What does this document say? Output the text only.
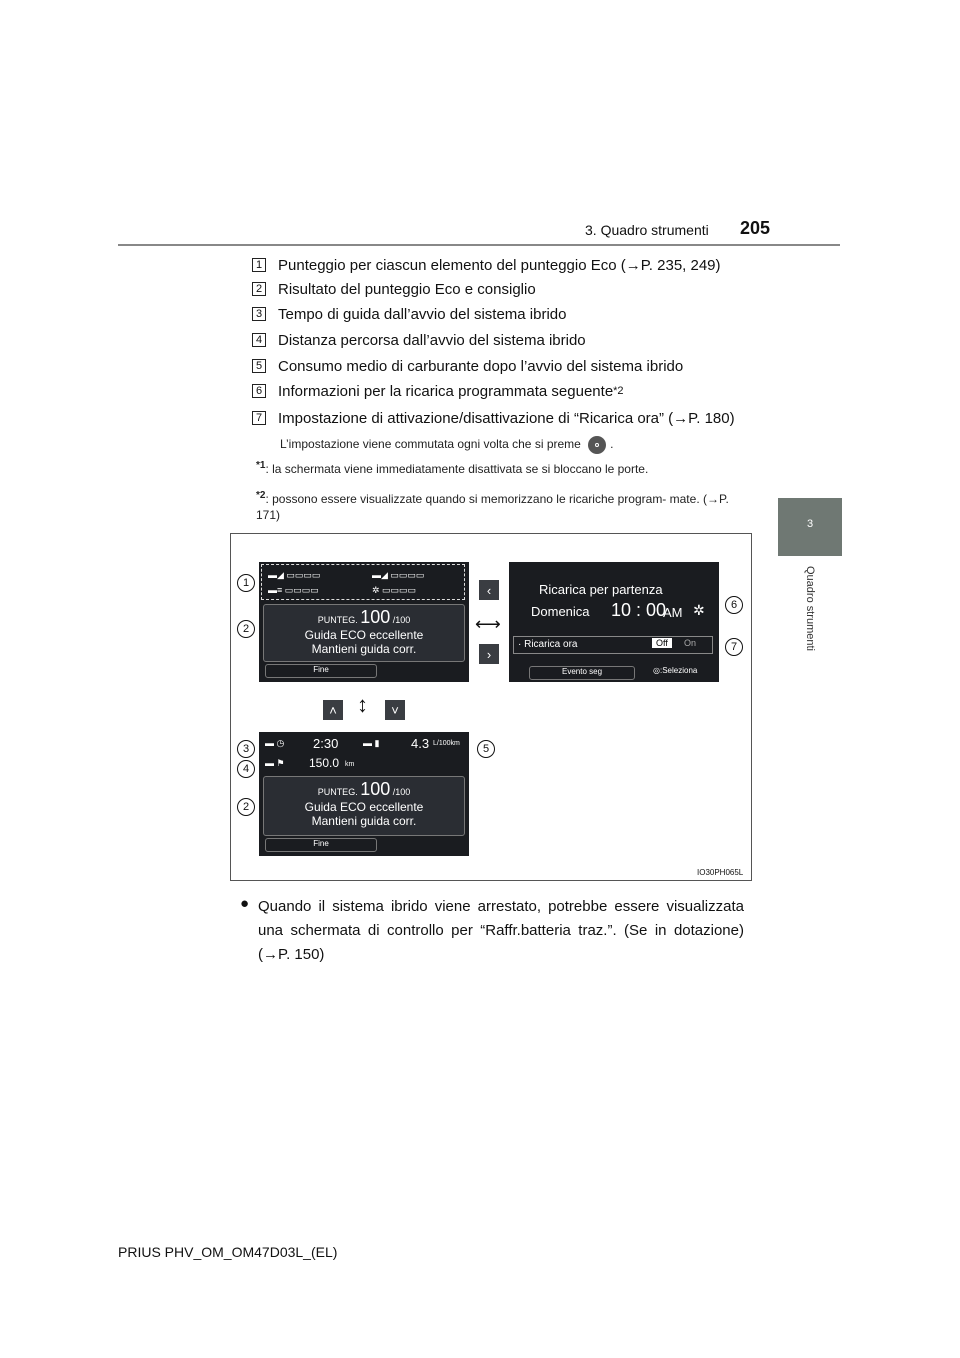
3. Quadro strumenti 205
3
Quadro strumenti
1 Punteggio per ciascun elemento del punteggio Eco (→P. 235, 249)
2 Risultato del punteggio Eco e consiglio
3 Tempo di guida dall’avvio del sistema ibrido
4 Distanza percorsa dall’avvio del sistema ibrido
5 Consumo medio di carburante dopo l’avvio del sistema ibrido
6 Informazioni per la ricarica programmata seguente *2
7 Impostazione di attivazione/disattivazione di “Ricarica ora” (→P. 180)
L’impostazione viene commutata ogni volta che si preme .
$^{*1}$: la schermata viene immediatamente disattivata se si bloccano le porte.
$^{*2}$: possono essere visualizzate quando si memorizzano le ricariche program- mate. (→P. 171)
▬◢ ▭▭▭▭	▬◢ ▭▭▭▭
▬≡ ▭▭▭▭	✲ ▭▭▭▭
PUNTEG. 100 /100
Guida ECO eccellente
Mantieni guida corr.
Fine
Ricarica per partenza
Domenica 10 : 00
AM ✲
· Ricarica ora	Off	On
Evento seg	◎:Seleziona
‹
›
⟷
˄	˅
↕
▬ ◷ 2:30	▬ ▮ 4.3 L/100km
▬ ⚑ 150.0 km
PUNTEG. 100 /100
Guida ECO eccellente
Mantieni guida corr.
Fine
1
2
6
7
3	5
4
2
IO30PH065L
● Quando il sistema ibrido viene arrestato, potrebbe essere visualizzata una schermata di controllo per “Raffr.batteria traz.”. (Se in dotazione) (→P. 150)
PRIUS PHV_OM_OM47D03L_(EL)
